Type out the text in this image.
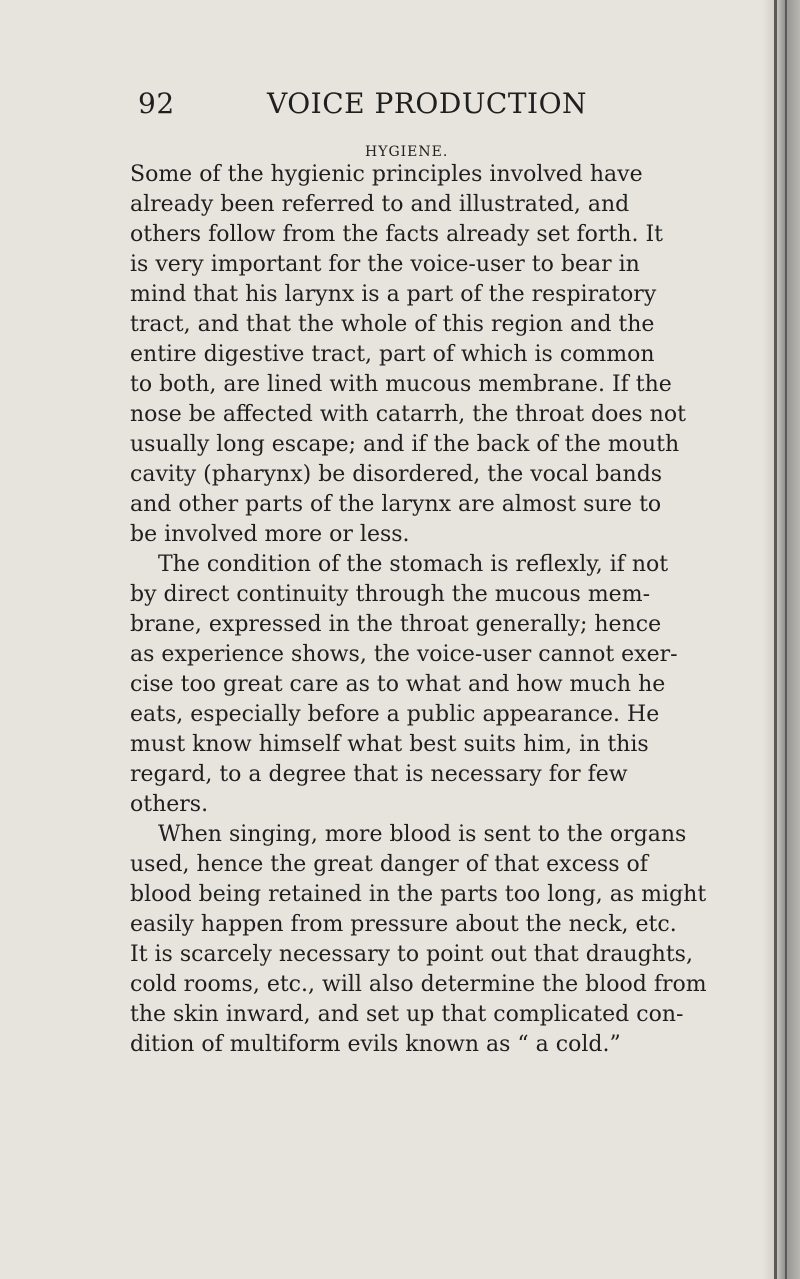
92	VOICE PRODUCTION
HYGIENE.
Some of the hygienic principles involved have
already been referred to and illustrated, and
others follow from the facts already set forth. It
is very important for the voice-user to bear in
mind that his larynx is a part of the respiratory
tract, and that the whole of this region and the
entire digestive tract, part of which is common
to both, are lined with mucous membrane. If the
nose be affected with catarrh, the throat does not
usually long escape; and if the back of the mouth
cavity (pharynx) be disordered, the vocal bands
and other parts of the larynx are almost sure to
be involved more or less.
The condition of the stomach is reflexly, if not
by direct continuity through the mucous mem-
brane, expressed in the throat generally; hence
as experience shows, the voice-user cannot exer-
cise too great care as to what and how much he
eats, especially before a public appearance. He
must know himself what best suits him, in this
regard, to a degree that is necessary for few
others.
When singing, more blood is sent to the organs
used, hence the great danger of that excess of
blood being retained in the parts too long, as might
easily happen from pressure about the neck, etc.
It is scarcely necessary to point out that draughts,
cold rooms, etc., will also determine the blood from
the skin inward, and set up that complicated con-
dition of multiform evils known as “ a cold.”
